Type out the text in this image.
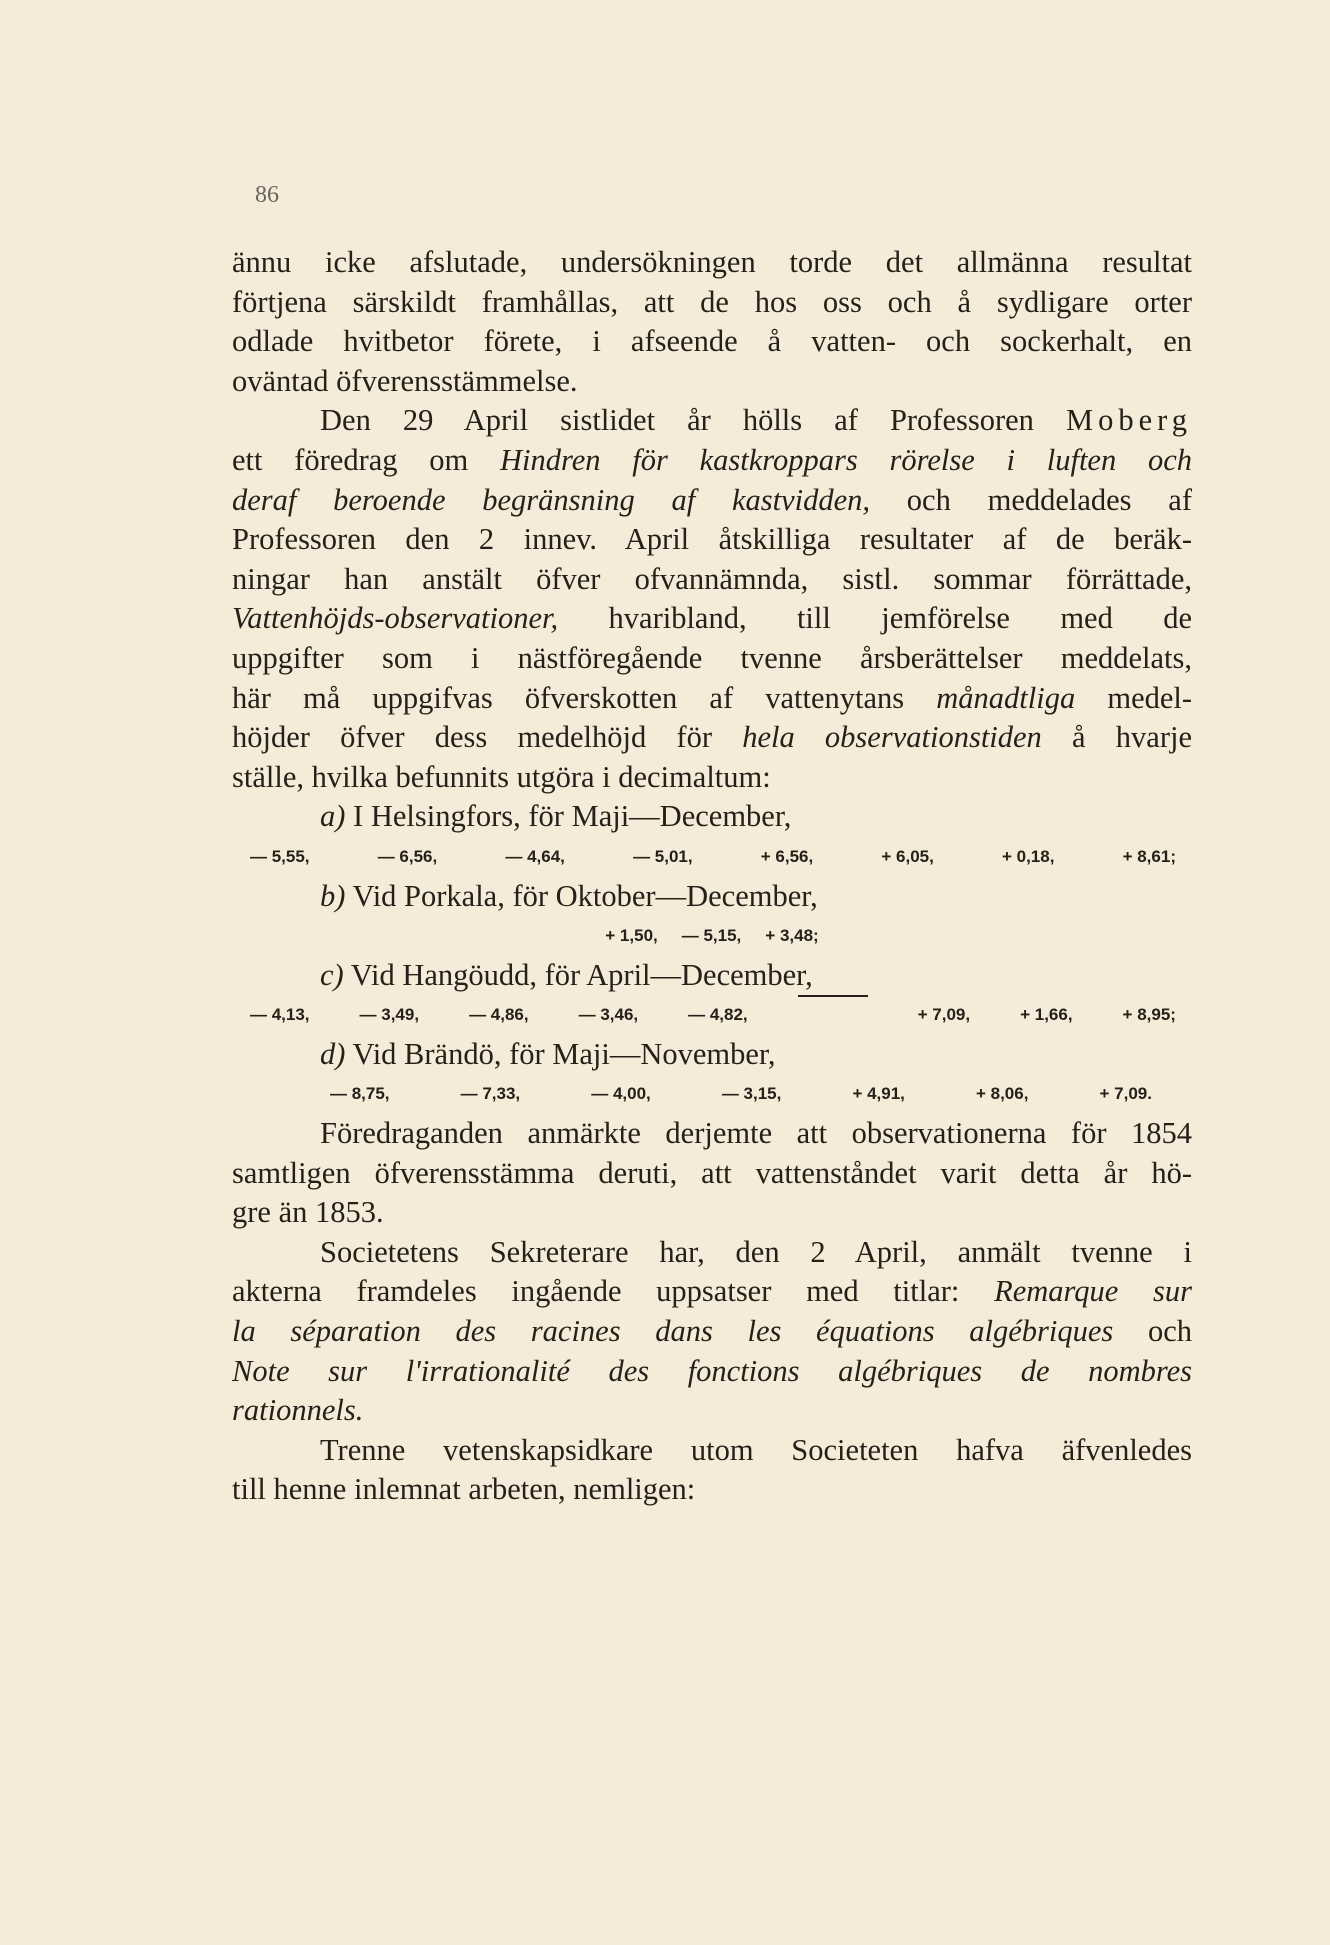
86

ännu icke afslutade, undersökningen torde det allmänna resultat
förtjena särskildt framhållas, att de hos oss och å sydligare orter
odlade hvitbetor förete, i afseende å vatten- och sockerhalt, en
oväntad öfverensstämmelse.

Den 29 April sistlidet år hölls af Professoren Moberg
ett föredrag om Hindren för kastkroppars rörelse i luften och
deraf beroende begränsning af kastvidden, och meddelades af
Professoren den 2 innev. April åtskilliga resultater af de beräk-
ningar han anstält öfver ofvannämnda, sistl. sommar förrättade,
Vattenhöjds-observationer, hvaribland, till jemförelse med de
uppgifter som i nästföregående tvenne årsberättelser meddelats,
här må uppgifvas öfverskotten af vattenytans månadtliga medel-
höjder öfver dess medelhöjd för hela observationstiden å hvarje
ställe, hvilka befunnits utgöra i decimaltum:

a) I Helsingfors, för Maji—December,
— 5,55,	— 6,56,	— 4,64,	— 5,01,	+ 6,56,	+ 6,05,	+ 0,18,	+ 8,61;
b) Vid Porkala, för Oktober—December,
+ 1,50, — 5,15, + 3,48;
c) Vid Hangöudd, för April—December,
— 4,13,	— 3,49,	— 4,86,	— 3,46,	— 4,82,	+ 7,09,	+ 1,66,	+ 8,95;
d) Vid Brändö, för Maji—November,
— 8,75,	— 7,33,	— 4,00,	— 3,15,	+ 4,91,	+ 8,06,	+ 7,09.

Föredraganden anmärkte derjemte att observationerna för 1854
samtligen öfverensstämma deruti, att vattenståndet varit detta år hö-
gre än 1853.

Societetens Sekreterare har, den 2 April, anmält tvenne i
akterna framdeles ingående uppsatser med titlar: Remarque sur
la séparation des racines dans les équations algébriques och
Note sur l'irrationalité des fonctions algébriques de nombres
rationnels.

Trenne vetenskapsidkare utom Societeten hafva äfvenledes
till henne inlemnat arbeten, nemligen:
